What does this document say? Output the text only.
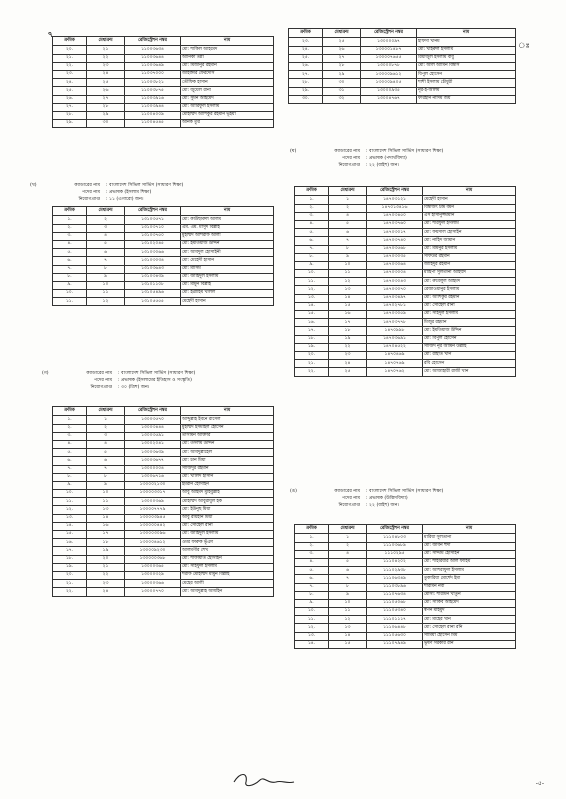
٩
ঃ
ক্রমিক	মেধাক্রম	রেজিস্ট্রেশন নম্বর	নাম
২০.	২১	১১০০৩৬৩৪	মো: শাকিল আহমেদ
২১.	২২	১১০০৩৬৪৪	আনিকা তন্নী
২২.	২৩	১১০০৩৬৪৯	মো: মিজানুর রহমান
২৩.	২৪	১১০৩৭০০০	জাহাঙ্গীর ফেরদৌস
২৪.	২৫	১১০০৩৮২১	তৌফিক হাসান
২৫.	২৬	১১০০৩৮৭৫	মো: জুয়েল রানা
২৬.	২৭	১১০০৩৯১৬	মো: সুমন আহমেদ
২৭.	২৮	১১০০৩৯৪৪	মো: আরিফুল ইসলাম
২৮.	২৯	১১০০৪০০৯	মোহাম্মদ আশিকুর রহমান ভূঁইয়া
২৯.	৩০	১১০০৪৫৪৫	অনিক তুর
ক্রমিক	মেধাক্রম	রেজিস্ট্রেশন নম্বর	নাম
২৩.	২৫	১৩০০০০৯৭	হাফসা খানম
২৪.	২৬	১৩০০০১৪৮৭	মো: খাইরুল ইসলাম
২৫.	২৭	১৩০০০৭৬৫৫	রিয়াজুল ইসলাম বাবু
২৬.	২৮	১৩০০০৮৭৮	মো: আল আমিন বিশ্বাস
২৭.	২৯	১৩০০০৯৬১২	বিপুল হোসেন
২৮.	৩০	১৩০০০৯৪০৫	শাশী ইসলাম চৌধুরী
২৯.	৩১	১৩০০০৯৩৫	নূর-ই-আলম
৩০.	৩২	১৩০০৪৭৬৭	ফারহান নাদিম জয়
(খ)	ক্যাডারের নাম	: বাংলাদেশ সিভিল সার্ভিস (সাধারণ শিক্ষা)
পদের নাম	: প্রভাষক (ইসলাম শিক্ষা)
নিয়োগপ্রাপ্ত	: ১১ (এগারো) জন।
ক্রমিক	মেধাক্রম	রেজিস্ট্রেশন নম্বর	নাম
১.	২	১৩১০৩৫৭১	মো: কাউছারুল আলম
২.	৩	১৩১০৩৭১০	এম. এম. মাসুদ বিল্লাহ
৩.	৪	১৩১০৩৭৫০	মুহাম্মদ আশরাফ আলী
৪.	৫	১৩১০২০৪৫	মো: ইমতিয়াজ উদ্দিন
৫.	৬	১৩১০৩০৬৬	মো: আবদুল হোসাইনী
৬.	৭	১৩১০৩০৩৪	মো: মেহেদী হাসান
৭.	৮	১৩১০৩৬৪৩	মো: মাসিম
৮.	৯	১৩১০৩৪৩৯	মো: জাহিদুল ইসলাম
৯.	১০	১৩১০১১০৮	মো: মামুন বিল্লাহ
১০.	১১	১৩১০৫৪৯৬	মো: ইব্রাহিম খলিল
১১.	১২	১৩১০৫৫৫৫	মেহেদী হাসান
(গ)	ক্যাডারের নাম	: বাংলাদেশ সিভিল সার্ভিস (সাধারণ শিক্ষা)
পদের নাম	: প্রভাষক (ইসলামের ইতিহাস ও সংস্কৃতি)
নিয়োগপ্রাপ্ত	: ৩০ (ত্রিশ) জন।
ক্রমিক	মেধাক্রম	রেজিস্ট্রেশন নম্বর	নাম
১.	১	১৩০০৩৫৭০	আব্দুল্লাহ ইবনে রাসেল
২.	২	১৩০০৩৪৪৪	মুহাম্মদ ইসমাইল হোসেন
৩.	৩	১৩০০৩৫৯১	তাসমিন আক্তার
৪.	৪	১৩০০২০৪১	মো: তসলম উদ্দিন
৫.	৫	১৩০০৩৬৩৯	মো: আবদুল্লাহেল
৬.	৬	১৩০০৩৬৭৭	মো: চান মিয়া
৭.	৭	১৩০০০০০৪	সাজিদুর রহমান
৮.	৮	১৩০০৬৭১৬	মো: খালিদ হাসান
৯.	৯	১৩০০০২১৩০	ইমরান হোসাইন
১০.	১০	১৩০০০৩৩১৭	আবু আহমদ মুহিবুল্লাহ
১১.	১১	১৩০০০৩৬৯	মোহাম্মদ আবুরাযুল হক
১২.	১৩	১৩০০০৭৭৭৯	মো: ইউনুছ মিয়া
১৩.	১৪	১৩০০০৩৯৪৫	আবু রায়হান মিয়া
১৪.	১৬	১৩০০০০৪৪২	মো: সোহেল রানা
১৫.	১৭	১৩০০০৩০৯৬	মো: জাহিদুল ইসলাম
১৬.	১৮	১৩০০০৪৬১২	ওমর ফারুক ভূঁঞা
১৭.	১৯	১৩০০০৯২৩০	আলমগীর শেখ
১৮.	২০	১৩০০০০৩৬৮	মো: শাফায়াত হোসাইন
১৯.	২১	১৩০০০৩৬৫	মো: সাইফুল ইসলাম
২০.	২২	১৩০০০৩২৯	শরীফ মোহাম্মদ মামুন বিল্লাহ
২১.	২৩	১৩০০০৩৬৬	মেহের আলী
২২.	২৪	১৩০০০৭৭০	মো: আবদুল্লাহ আযহিন
(ঘ)	ক্যাডারের নাম	: বাংলাদেশ সিভিল সার্ভিস (সাধারণ শিক্ষা)
পদের নাম	: প্রভাষক (পদার্থবিদ্যা)
নিয়োগপ্রাপ্ত	: ২২ (বাইশ) জন।
ক্রমিক	মেধাক্রম	রেজিস্ট্রেশন নম্বর	নাম
১.	১	১৪৭০৩১২১	মেহেদী হাসান
২.	২	১৪৭০১৩৪১৬	বিশ্বজিৎ চন্দ্র বর্মন
৩.	৪	১৪৭০৩৪৫০	এস হাসানুজ্জামান
৪.	৫	১৪৭০৩৭৬০	মো: শরিফুল ইসলাম
৫.	৬	১৪৭০৩০১৭	মো: ফয়সাল হোসাইন
৬.	৭	১৪৭০৩৭৪০	মো: নাহিদ জামান
৭.	৮	১৪৭০৩৫৬৮	মো: মমিনুর ইসলাম
৮.	৯	১৪৭০৩০৩৫	সফিউর রহমান
৯.	১০	১৪৭০৩০৬৪	জাহিদুর রহমান
১০.	১১	১৪৭০৩০০৪	মাহিপা সুলতানা আহম্মদ
১১.	১২	১৪৭০৩০৪৩	মো: রুবেলুল আহমদ
১২.	১৩	১৪৭০৩০৭০	রেজাওয়ানুর ইসলাম
১৩.	১৪	১৪৭০৩৪৯৭	মো: আশিকুর রহমান
১৪.	১৫	১৪৭০২৭৮১	মো: সোহেল রানা
১৫.	১৬	১৪৭০৩০৫৯	মো: সাইদুল ইসলাম
১৬.	১৭	১৪৭০৩৭৭৮	মিজুর রহমান
১৭.	১৮	১৪৭০৯৯৮	মো: ইমতিয়াজ উদ্দিন
১৮.	১৯	১৪৭০৩৬৯১	মো: বিপুল হোসেন
১৯.	২২	১৪৭০৪৫২২	সাজিদ নূর আমিন উল্লাহ
২০.	২৩	১৪৭০৪৬৯	মো: রাহাত খান
২১.	২৪	১৪৭০৭৬৯	রবি হোসেন
২২.	২৫	১৪৭০৭৬২	মো: আজাহারী রাজী খান
(ঙ)	ক্যাডারের নাম	: বাংলাদেশ সিভিল সার্ভিস (সাধারণ শিক্ষা)
পদের নাম	: প্রভাষক (উদ্ভিদবিদ্যা)
নিয়োগপ্রাপ্ত	: ২২ (বাইশ) জন।
ক্রমিক	মেধাক্রম	রেজিস্ট্রেশন নম্বর	নাম
১.	১	১১১০৪৮০৩	মারিয়া সুলতানা
২.	২	১১১০৩৬৮৯	মো: জীবন হুদা
৩.	৪	১১১০২৯৫	মো: সাদ্দাম হোসাইন
৪.	৫	১১১০৪২০২	মো: শাহরিয়ার আল ফাহিম
৫.	৬	১১১০২৯৩৮	মো: আশরাফুল ইসলাম
৬.	৭	১১১০৬৩৪৯	তুকারিয়া মোর্শেদ ইমা
৭.	৮	১১১০৩৮৯৬	শারমিন নবী
৮.	৯	১১১০৭৬৩৪	মোসা: শারমিন খাতুন
৯.	১০	১১১০৫০৬৮	মো: সাকিব আহমেদ
১০.	১১	১১১০৫৩৪০	স্বপন মাহমুদ
১১.	১২	১১১০১১১৭	মো: মাহের খান
১২.	১৩	১১১০৬৪৪৮	মো: সোহেল রানা রনি
১৩.	১৪	১১১০৫৬৩০	সামিয়া হোসেন মিম
১৪.	১৫	১১১০৭৯৪৯	ভূষণ সরকার রনি
-৫-
